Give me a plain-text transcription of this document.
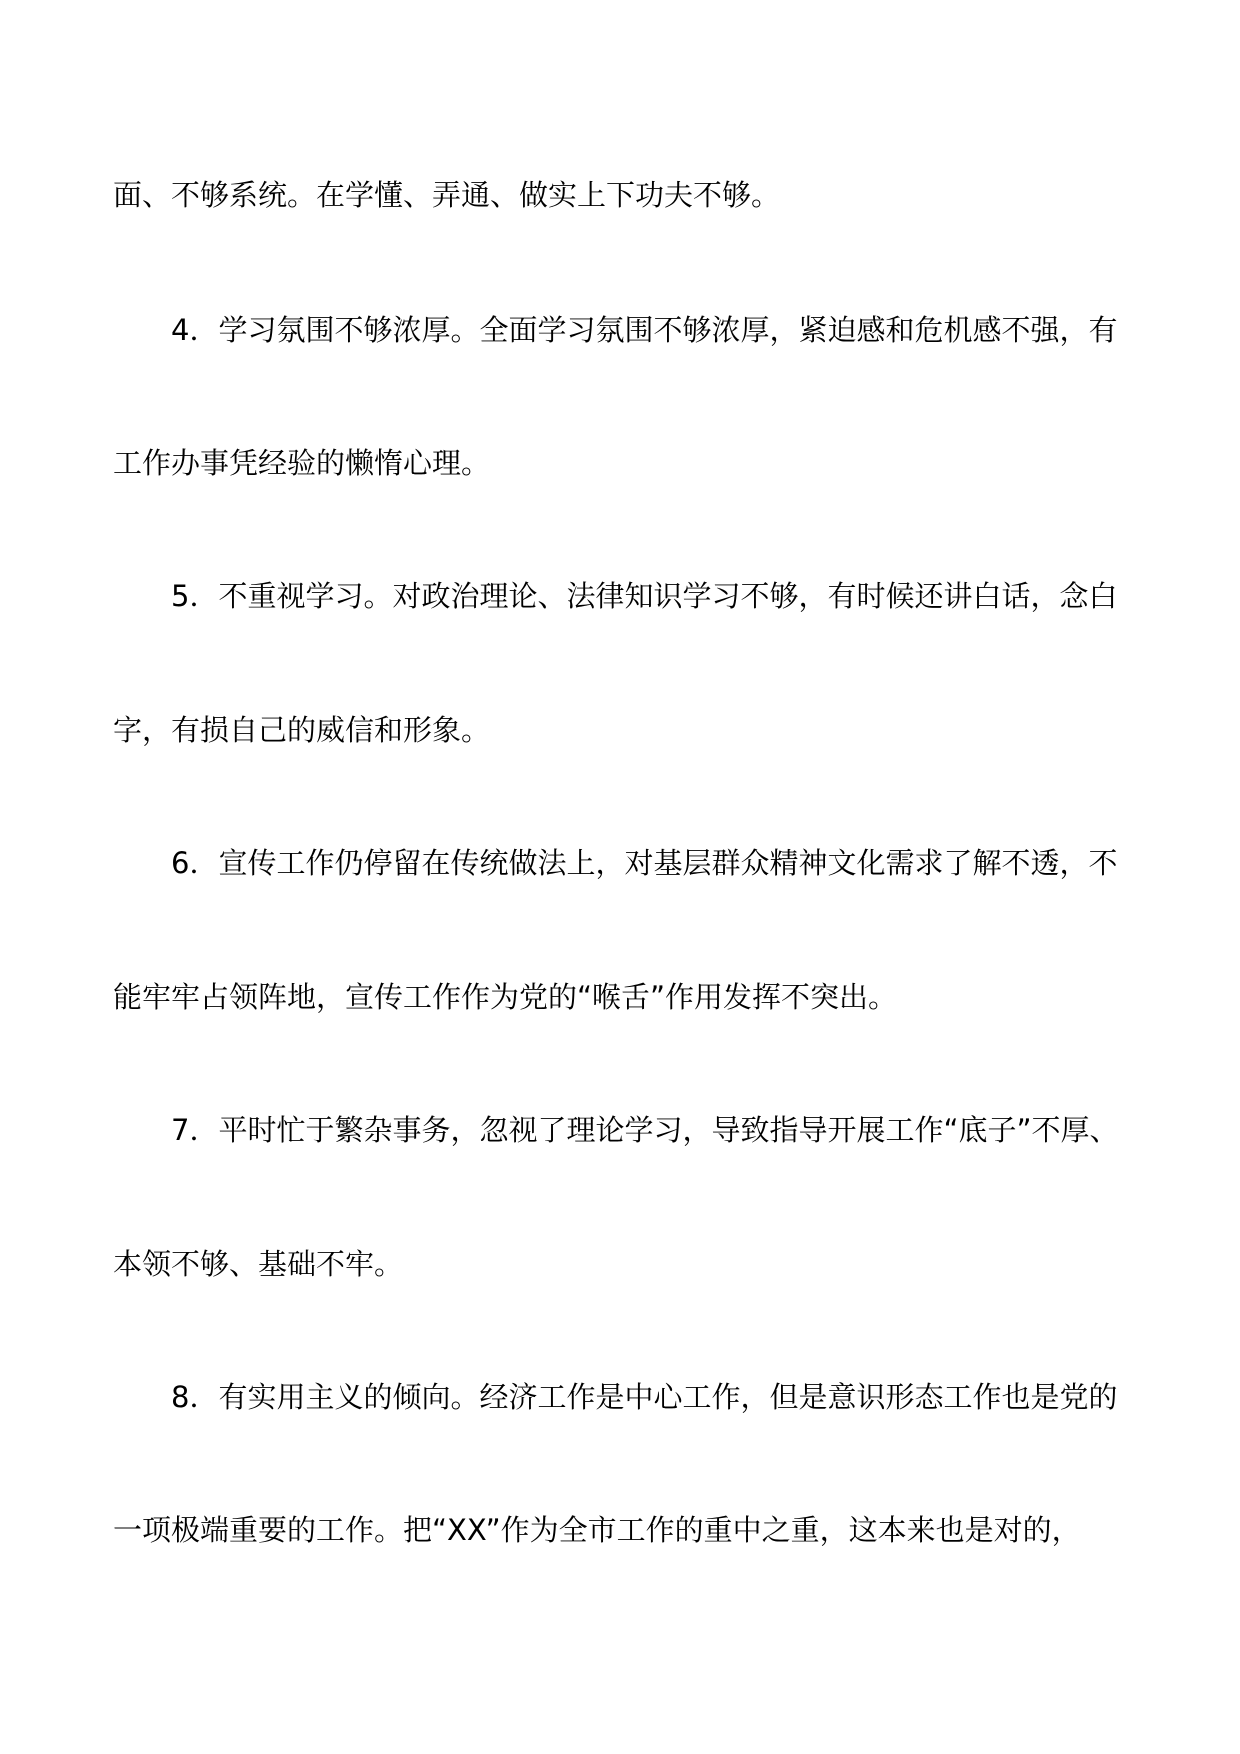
面、不够系统。在学懂、弄通、做实上下功夫不够。
4．学习氛围不够浓厚。全面学习氛围不够浓厚，紧迫感和危机感不强，有
工作办事凭经验的懒惰心理。
5．不重视学习。对政治理论、法律知识学习不够，有时候还讲白话，念白
字，有损自己的威信和形象。
6．宣传工作仍停留在传统做法上，对基层群众精神文化需求了解不透，不
能牢牢占领阵地，宣传工作作为党的“喉舌”作用发挥不突出。
7．平时忙于繁杂事务，忽视了理论学习，导致指导开展工作“底子”不厚、
本领不够、基础不牢。
8．有实用主义的倾向。经济工作是中心工作，但是意识形态工作也是党的
一项极端重要的工作。把“XX”作为全市工作的重中之重，这本来也是对的，
